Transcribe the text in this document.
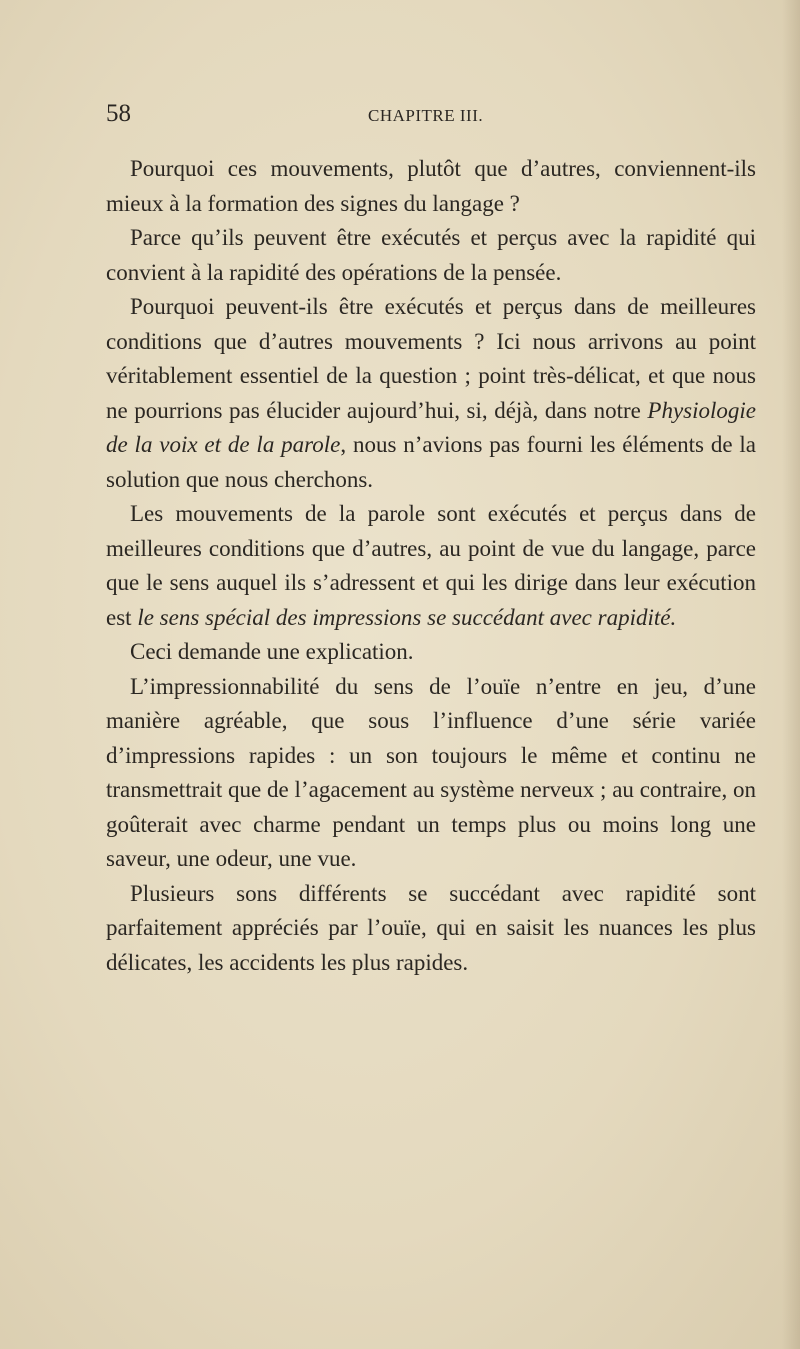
58	CHAPITRE III.

Pourquoi ces mouvements, plutôt que d’autres, conviennent-ils mieux à la formation des signes du langage ?

Parce qu’ils peuvent être exécutés et perçus avec la rapidité qui convient à la rapidité des opérations de la pensée.

Pourquoi peuvent-ils être exécutés et perçus dans de meilleures conditions que d’autres mouvements ? Ici nous arrivons au point véritablement essentiel de la question ; point très-délicat, et que nous ne pourrions pas élucider aujourd’hui, si, déjà, dans notre Physiologie de la voix et de la parole, nous n’avions pas fourni les éléments de la solution que nous cherchons.

Les mouvements de la parole sont exécutés et perçus dans de meilleures conditions que d’autres, au point de vue du langage, parce que le sens auquel ils s’adressent et qui les dirige dans leur exécution est le sens spécial des impressions se succédant avec rapidité.

Ceci demande une explication.

L’impressionnabilité du sens de l’ouïe n’entre en jeu, d’une manière agréable, que sous l’influence d’une série variée d’impressions rapides : un son toujours le même et continu ne transmettrait que de l’agacement au système nerveux ; au contraire, on goûterait avec charme pendant un temps plus ou moins long une saveur, une odeur, une vue.

Plusieurs sons différents se succédant avec rapidité sont parfaitement appréciés par l’ouïe, qui en saisit les nuances les plus délicates, les accidents les plus rapides.
